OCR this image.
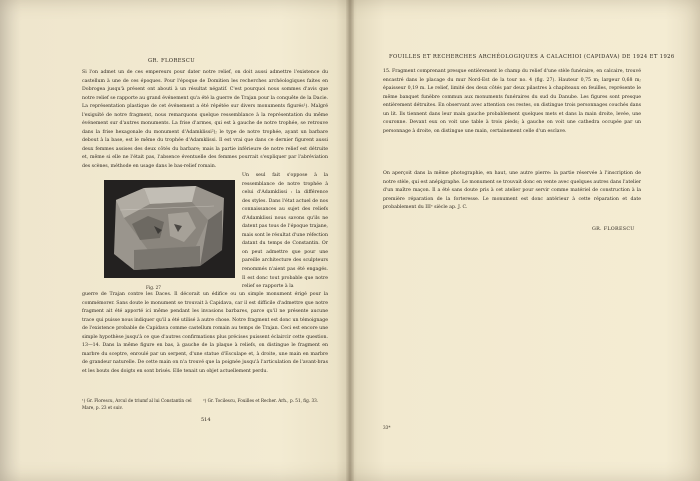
GR. FLORESCU

Si l'on admet un de ces empereurs pour dater notre relief, on doit aussi admettre l'existence du castellum à une de ces époques. Pour l'époque de Domitien les recherches archéologiques faites en Dobrogea jusqu'à présent ont abouti à un résultat négatif. C'est pourquoi nous sommes d'avis que notre relief se rapporte au grand événement qu'a été la guerre de Trajan pour la conquête de la Dacie. La représentation plastique de cet événement a été répétée sur divers monuments figurés¹). Malgré l'exiguïté de notre fragment, nous remarquons quelque ressemblance à la représentation du même événement sur d'autres monuments. La frise d'armes, qui est à gauche de notre trophée, se retrouve dans la frise hexagonale du monument d'Adamklissi²); le type de notre trophée, ayant un barbare debout à la base, est le même du trophée d'Adamklissi. Il est vrai que dans ce dernier figurent aussi deux femmes assises des deux côtés du barbare; mais la partie inférieure de notre relief est détruite et, même si elle ne l'était pas, l'absence éventuelle des femmes pourrait s'expliquer par l'abréviation des scènes, méthode en usage dans le bas-relief romain.

Fig. 27

Un seul fait s'oppose à la ressemblance de notre trophée à celui d'Adamklissi : la différence des styles. Dans l'état actuel de nos connaissances au sujet des reliefs d'Adamklissi nous savons qu'ils ne datent pas tous de l'époque trajane, mais sont le résultat d'une réfection datant du temps de Constantin. Or on peut admettre que pour une pareille architecture des sculpteurs renommés n'aient pas été engagés. Il est donc tout probable que notre relief se rapporte à la

guerre de Trajan contre les Daces. Il décorait un édifice ou un simple monument érigé pour la commémorer. Sans doute le monument se trouvait à Capidava, car il est difficile d'admettre que notre fragment ait été apporté ici même pendant les invasions barbares, parce qu'il ne présente aucune trace qui puisse nous indiquer qu'il a été utilisé à autre chose. Notre fragment est donc un témoignage de l'existence probable de Capidava comme castellum romain au temps de Trajan. Ceci est encore une simple hypothèse jusqu'à ce que d'autres confirmations plus précises puissent éclaircir cette question. 13—14. Dans la même figure en bas, à gauche de la plaque à reliefs, on distingue le fragment en marbre du sceptre, enroulé par un serpent, d'une statue d'Esculape et, à droite, une main en marbre de grandeur naturelle. De cette main on n'a trouvé que la poignée jusqu'à l'articulation de l'avant-bras et les bouts des doigts en sont brisés. Elle tenait un objet actuellement perdu.

¹) Gr. Florescu, Arcul de triumf al lui Constantin cel Mare, p. 23 et suiv.

²) Gr. Tocilescu, Fouilles et Recher. Arh., p. 51, fig. 33.

514
FOUILLES ET RECHERCHES ARCHÉOLOGIQUES A CALACHIOI (CAPIDAVA) DE 1924 ET 1926

15. Fragment comprenant presque entièrement le champ du relief d'une stèle funéraire, en calcaire, trouvé encastré dans le placage du mur Nord-Est de la tour no. 4 (fig. 27). Hauteur 0,75 m; largeur 0,68 m; épaisseur 0,19 m. Le relief, limité des deux côtés par deux pilastres à chapiteaux en feuilles, représente le même banquet funèbre commun aux monuments funéraires du sud du Danube. Les figures sont presque entièrement détruites. En observant avec attention ces restes, on distingue trois personnages couchés dans un lit. Ils tiennent dans leur main gauche probablement quelques mets et dans la main droite, levée, une couronne. Devant eux on voit une table à trois pieds; à gauche on voit une cathedra occupée par un personnage à droite, on distingue une main, certainement celle d'un esclave.

On aperçoit dans la même photographie, en haut, une autre pierre: la partie réservée à l'inscription de notre stèle, qui est anépigraphe. Le monument se trouvait donc en vente avec quelques autres dans l'atelier d'un maître maçon. Il a été sans doute pris à cet atelier pour servir comme matériel de construction à la première réparation de la forteresse. Le monument est donc antérieur à cette réparation et date probablement du IIIᵉ siècle ap. J. C.

GR. FLORESCU
33*
